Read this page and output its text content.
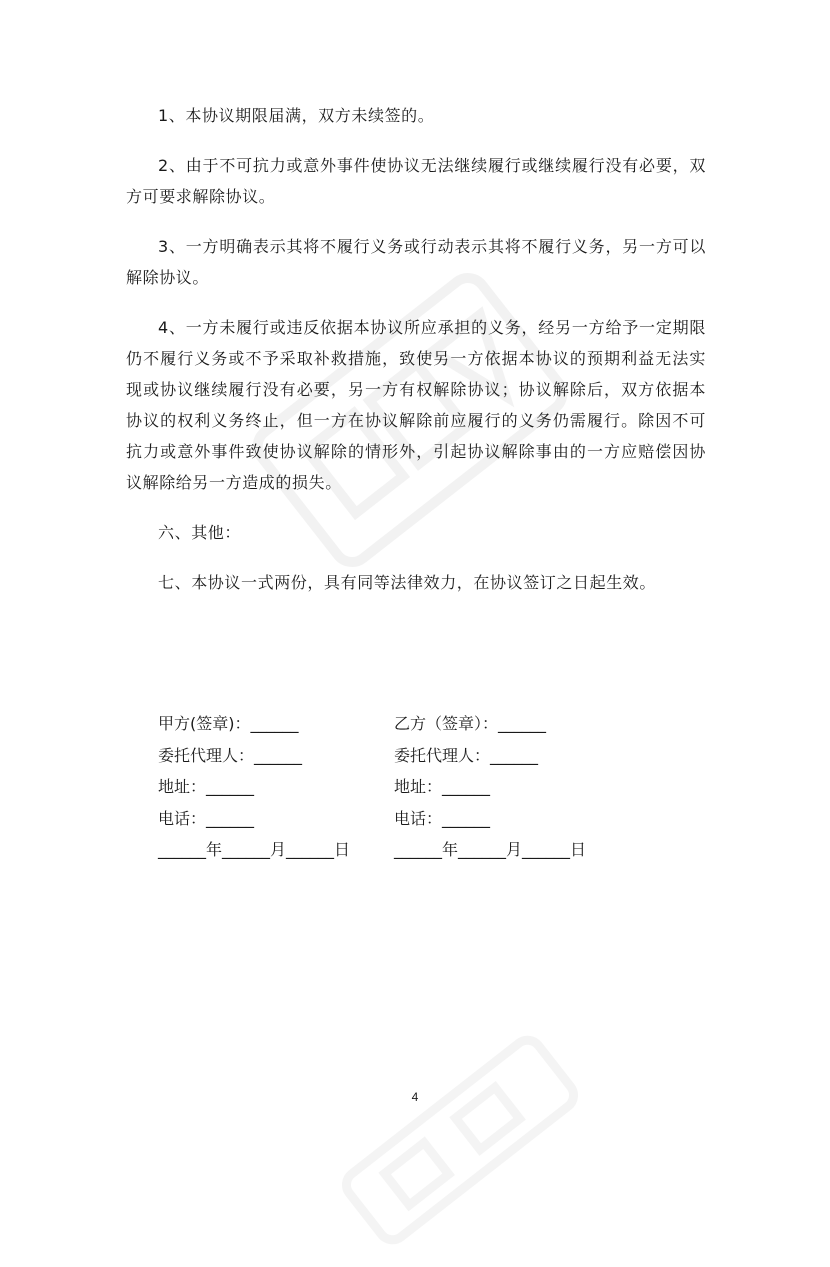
1、本协议期限届满，双方未续签的。

2、由于不可抗力或意外事件使协议无法继续履行或继续履行没有必要，双方可要求解除协议。

3、一方明确表示其将不履行义务或行动表示其将不履行义务，另一方可以解除协议。

4、一方未履行或违反依据本协议所应承担的义务，经另一方给予一定期限仍不履行义务或不予采取补救措施，致使另一方依据本协议的预期利益无法实现或协议继续履行没有必要，另一方有权解除协议；协议解除后，双方依据本协议的权利义务终止，但一方在协议解除前应履行的义务仍需履行。除因不可抗力或意外事件致使协议解除的情形外，引起协议解除事由的一方应赔偿因协议解除给另一方造成的损失。

六、其他：

七、本协议一式两份，具有同等法律效力，在协议签订之日起生效。

甲方(签章)：______	乙方（签章）：______
委托代理人：______	委托代理人：______
地址：______	地址：______
电话：______	电话：______
______年______月______日	______年______月______日
4
